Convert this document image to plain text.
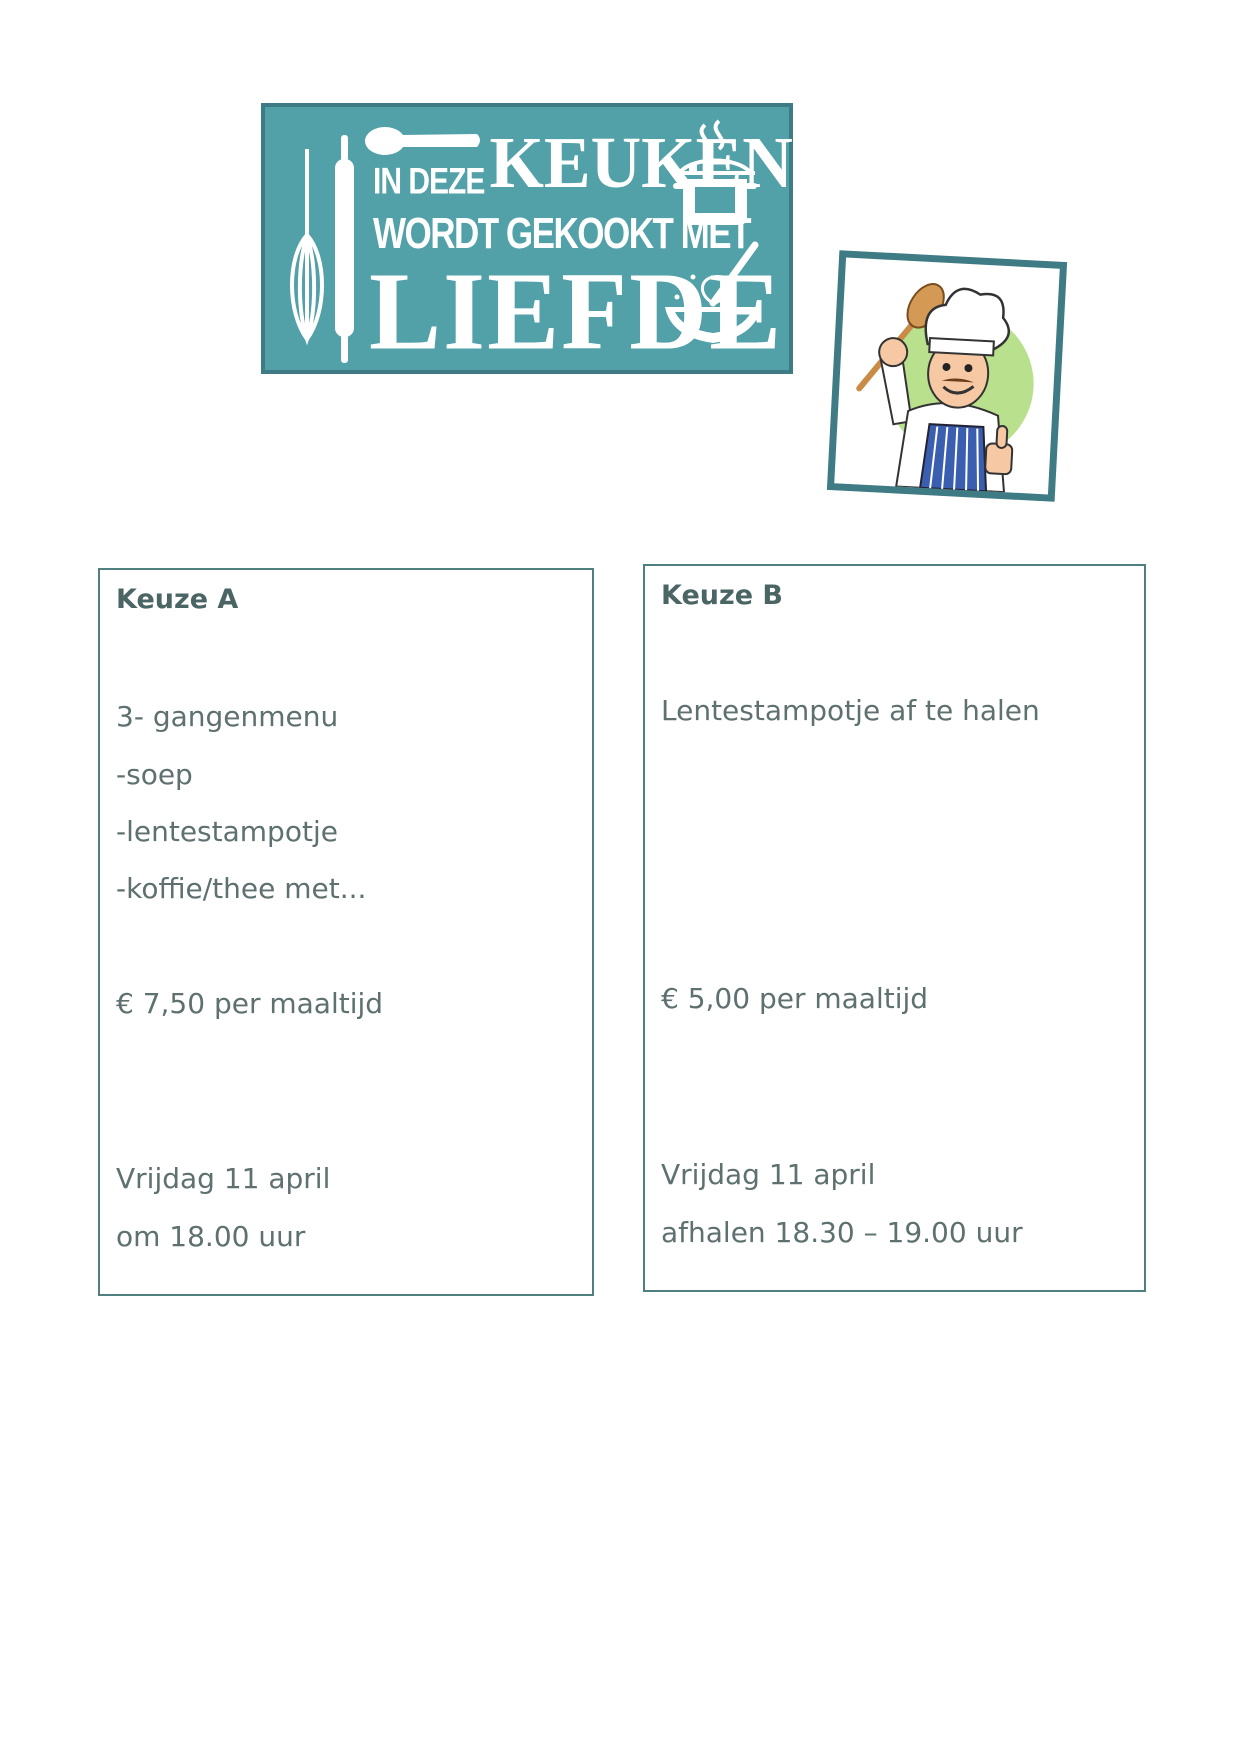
IN DEZE KEUKEN
WORDT GEKOOKT MET
LIEFDE
Keuze A
3- gangenmenu
-soep
-lentestampotje
-koffie/thee met...
€ 7,50 per maaltijd
Vrijdag 11 april
om 18.00 uur
Keuze B
Lentestampotje af te halen
€ 5,00 per maaltijd
Vrijdag 11 april
afhalen 18.30 – 19.00 uur
